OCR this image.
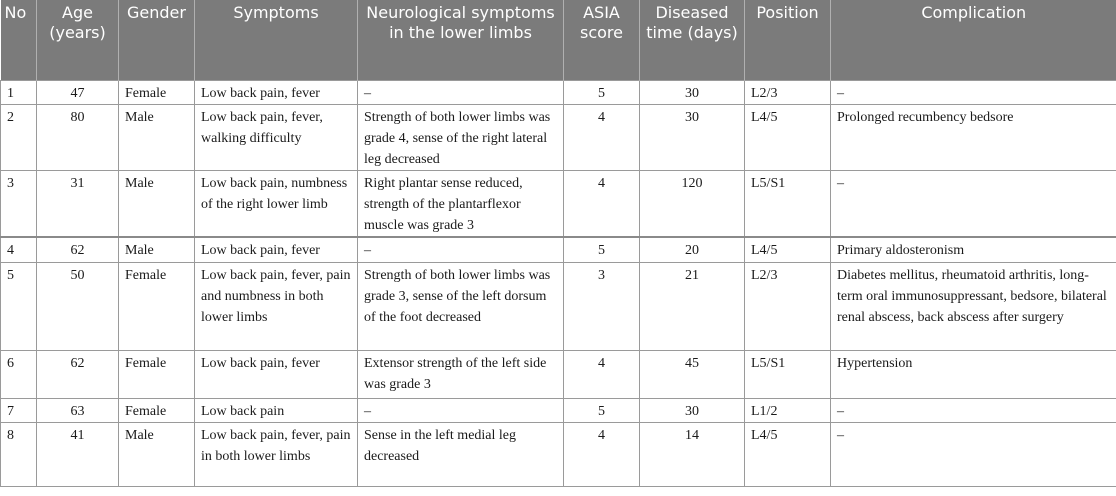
No	Age (years)	Gender	Symptoms	Neurological symptoms in the lower limbs	ASIA score	Diseased time (days)	Position	Complication
1	47	Female	Low back pain, fever	–	5	30	L2/3	–
2	80	Male	Low back pain, fever, walking difficulty	Strength of both lower limbs was grade 4, sense of the right lateral leg decreased	4	30	L4/5	Prolonged recumbency bedsore
3	31	Male	Low back pain, numbness of the right lower limb	Right plantar sense reduced, strength of the plantarflexor muscle was grade 3	4	120	L5/S1	–
4	62	Male	Low back pain, fever	–	5	20	L4/5	Primary aldosteronism
5	50	Female	Low back pain, fever, pain and numbness in both lower limbs	Strength of both lower limbs was grade 3, sense of the left dorsum of the foot decreased	3	21	L2/3	Diabetes mellitus, rheumatoid arthritis, long-term oral immunosuppressant, bedsore, bilateral renal abscess, back abscess after surgery
6	62	Female	Low back pain, fever	Extensor strength of the left side was grade 3	4	45	L5/S1	Hypertension
7	63	Female	Low back pain	–	5	30	L1/2	–
8	41	Male	Low back pain, fever, pain in both lower limbs	Sense in the left medial leg decreased	4	14	L4/5	–
